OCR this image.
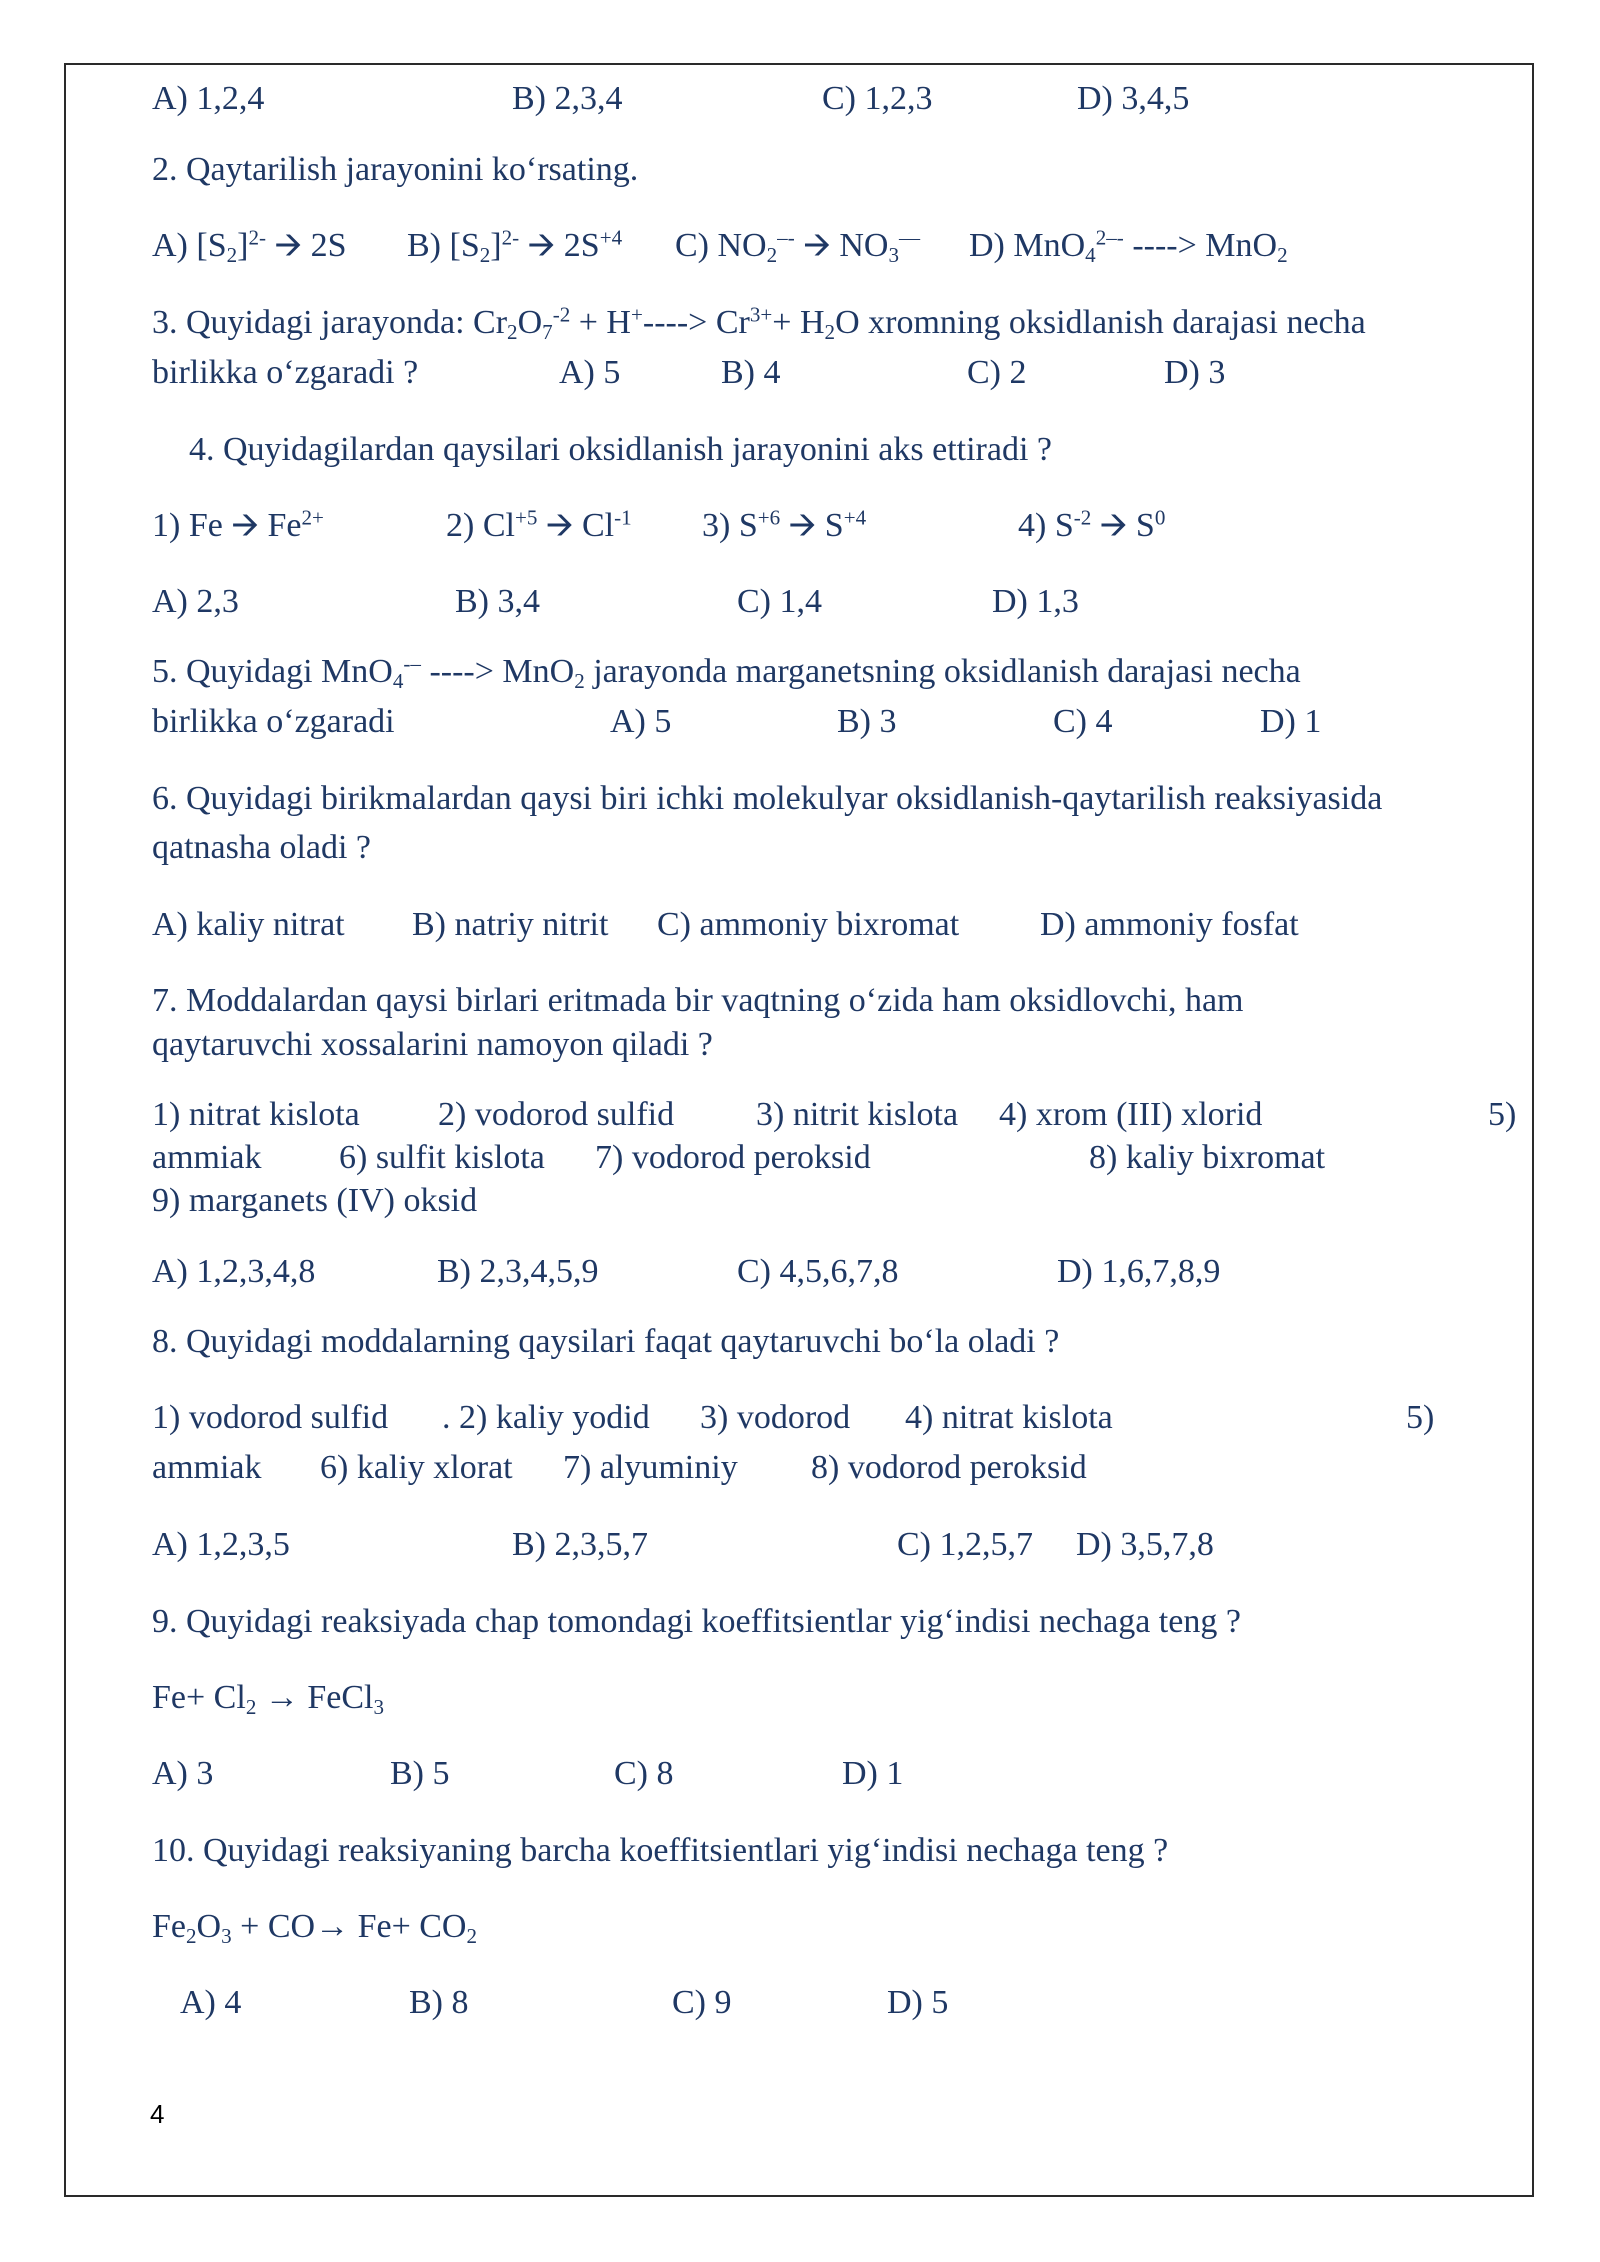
A) 1,2,4	B) 2,3,4	C) 1,2,3	D) 3,4,5
2. Qaytarilish jarayonini ko‘rsating.
A) $[S_2]^{2-}$ 🡪 2S B) $[S_2]^{2-}$ 🡪 $2S^{+4}$ C) $NO_2^{--}$ 🡪 $NO_3^—$ D) MnO$_4^{2--}$ ----> MnO$_2$
3. Quyidagi jarayonda: $Cr_2O_7^{-2} + H^+----> Cr^{3+}+ H_2O$ xromning oksidlanish darajasi necha
birlikka o‘zgaradi ?	A) 5	B) 4	C) 2	D) 3
4. Quyidagilardan qaysilari oksidlanish jarayonini aks ettiradi ?
1) Fe 🡪 $Fe^{2+}$	2) $Cl^{+5}$ 🡪 $Cl^{-1}$ 3) $S^{+6}$ 🡪 $S^{+4}$	4) $S^{-2}$ 🡪 $S^0$
A) 2,3	B) 3,4	C) 1,4	D) 1,3
5. Quyidagi MnO$_4$-– ----> MnO$_2$ jarayonda marganetsning oksidlanish darajasi necha
birlikka o‘zgaradi	A) 5	B) 3	C) 4	D) 1
6. Quyidagi birikmalardan qaysi biri ichki molekulyar oksidlanish-qaytarilish reaksiyasida
qatnasha oladi ?
A) kaliy nitrat B) natriy nitrit C) ammoniy bixromat D) ammoniy fosfat
7. Moddalardan qaysi birlari eritmada bir vaqtning o‘zida ham oksidlovchi, ham
qaytaruvchi xossalarini namoyon qiladi ?
1) nitrat kislota 2) vodorod sulfid 3) nitrit kislota 4) xrom (III) xlorid	5)
ammiak 6) sulfit kislota 7) vodorod peroksid	8) kaliy bixromat
9) marganets (IV) oksid
A) 1,2,3,4,8	B) 2,3,4,5,9	C) 4,5,6,7,8	D) 1,6,7,8,9
8. Quyidagi moddalarning qaysilari faqat qaytaruvchi bo‘la oladi ?
1) vodorod sulfid . 2) kaliy yodid 3) vodorod 4) nitrat kislota	5)
ammiak 6) kaliy xlorat 7) alyuminiy 8) vodorod peroksid
A) 1,2,3,5	B) 2,3,5,7	C) 1,2,5,7 D) 3,5,7,8
9. Quyidagi reaksiyada chap tomondagi koeffitsientlar yig‘indisi nechaga teng ?
$Fe+ Cl_2$ → FeCl$_3$
A) 3	B) 5	C) 8	D) 1
10. Quyidagi reaksiyaning barcha koeffitsientlari yig‘indisi nechaga teng ?
$Fe_2O_3 + CO\to Fe+ CO_2$
A) 4	B) 8	C) 9	D) 5
4
